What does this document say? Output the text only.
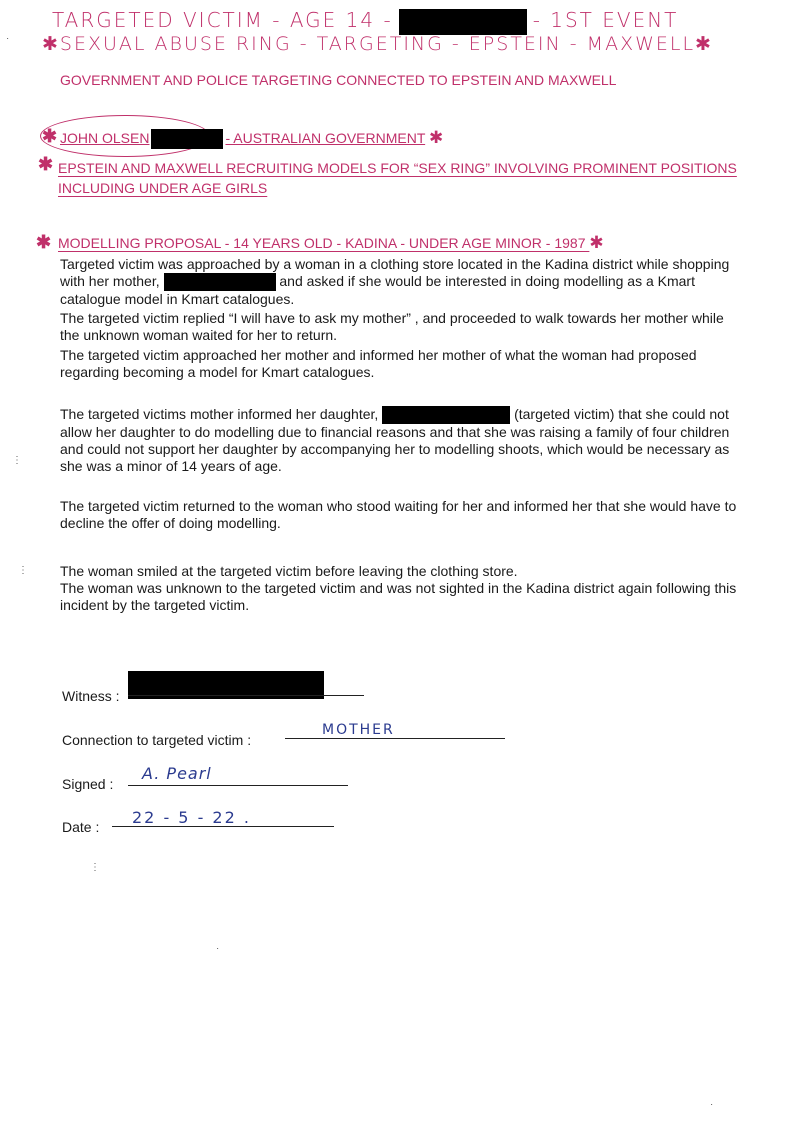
TARGETED VICTIM - AGE 14 -	- 1ST EVENT
✱SEXUAL ABUSE RING - TARGETING - EPSTEIN - MAXWELL✱
GOVERNMENT AND POLICE TARGETING CONNECTED TO EPSTEIN AND MAXWELL
✱ JOHN OLSEN	- AUSTRALIAN GOVERNMENT ✱
✱ EPSTEIN AND MAXWELL RECRUITING MODELS FOR “SEX RING” INVOLVING PROMINENT POSITIONS INCLUDING UNDER AGE GIRLS
✱ MODELLING PROPOSAL - 14 YEARS OLD - KADINA - UNDER AGE MINOR - 1987 ✱

Targeted victim was approached by a woman in a clothing store located in the Kadina district while shopping with her mother,	and asked if she would be interested in doing modelling as a Kmart catalogue model in Kmart catalogues.

The targeted victim replied “I will have to ask my mother” , and proceeded to walk towards her mother while the unknown woman waited for her to return.

The targeted victim approached her mother and informed her mother of what the woman had proposed regarding becoming a model for Kmart catalogues.

The targeted victims mother informed her daughter,	(targeted victim) that she could not allow her daughter to do modelling due to financial reasons and that she was raising a family of four children and could not support her daughter by accompanying her to modelling shoots, which would be necessary as she was a minor of 14 years of age.

The targeted victim returned to the woman who stood waiting for her and informed her that she would have to decline the offer of doing modelling.

The woman smiled at the targeted victim before leaving the clothing store.

The woman was unknown to the targeted victim and was not sighted in the Kadina district again following this incident by the targeted victim.

Witness :
Connection to targeted victim :
MOTHER
Signed :
A. Pearl
Date : 22 - 5 - 22 .
⋅
⋮
⋮
⋮
⋅
⋅
